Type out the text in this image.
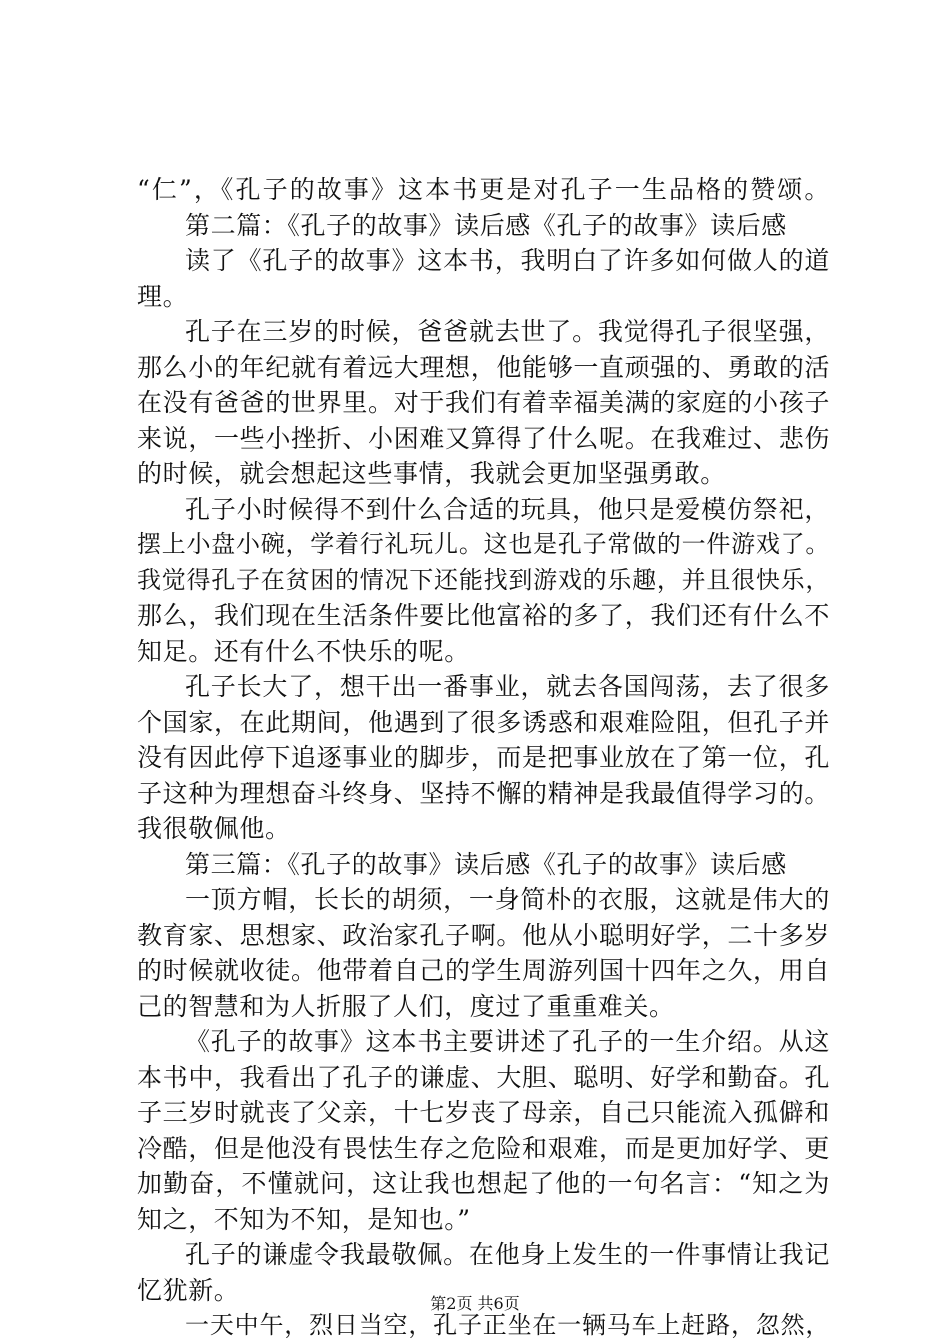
“仁”，《孔子的故事》这本书更是对孔子一生品格的赞颂。
第二篇：《孔子的故事》读后感《孔子的故事》读后感
读了《孔子的故事》这本书，我明白了许多如何做人的道
理。
孔子在三岁的时候，爸爸就去世了。我觉得孔子很坚强，
那么小的年纪就有着远大理想，他能够一直顽强的、勇敢的活
在没有爸爸的世界里。对于我们有着幸福美满的家庭的小孩子
来说，一些小挫折、小困难又算得了什么呢。在我难过、悲伤
的时候，就会想起这些事情，我就会更加坚强勇敢。
孔子小时候得不到什么合适的玩具，他只是爱模仿祭祀，
摆上小盘小碗，学着行礼玩儿。这也是孔子常做的一件游戏了。
我觉得孔子在贫困的情况下还能找到游戏的乐趣，并且很快乐，
那么，我们现在生活条件要比他富裕的多了，我们还有什么不
知足。还有什么不快乐的呢。
孔子长大了，想干出一番事业，就去各国闯荡，去了很多
个国家，在此期间，他遇到了很多诱惑和艰难险阻，但孔子并
没有因此停下追逐事业的脚步，而是把事业放在了第一位，孔
子这种为理想奋斗终身、坚持不懈的精神是我最值得学习的。
我很敬佩他。
第三篇：《孔子的故事》读后感《孔子的故事》读后感
一顶方帽，长长的胡须，一身简朴的衣服，这就是伟大的
教育家、思想家、政治家孔子啊。他从小聪明好学，二十多岁
的时候就收徒。他带着自己的学生周游列国十四年之久，用自
己的智慧和为人折服了人们，度过了重重难关。
《孔子的故事》这本书主要讲述了孔子的一生介绍。从这
本书中，我看出了孔子的谦虚、大胆、聪明、好学和勤奋。孔
子三岁时就丧了父亲，十七岁丧了母亲，自己只能流入孤僻和
冷酷，但是他没有畏怯生存之危险和艰难，而是更加好学、更
加勤奋，不懂就问，这让我也想起了他的一句名言：“知之为
知之，不知为不知，是知也。”
孔子的谦虚令我最敬佩。在他身上发生的一件事情让我记
忆犹新。
一天中午，烈日当空，孔子正坐在一辆马车上赶路，忽然，
第2页 共6页
